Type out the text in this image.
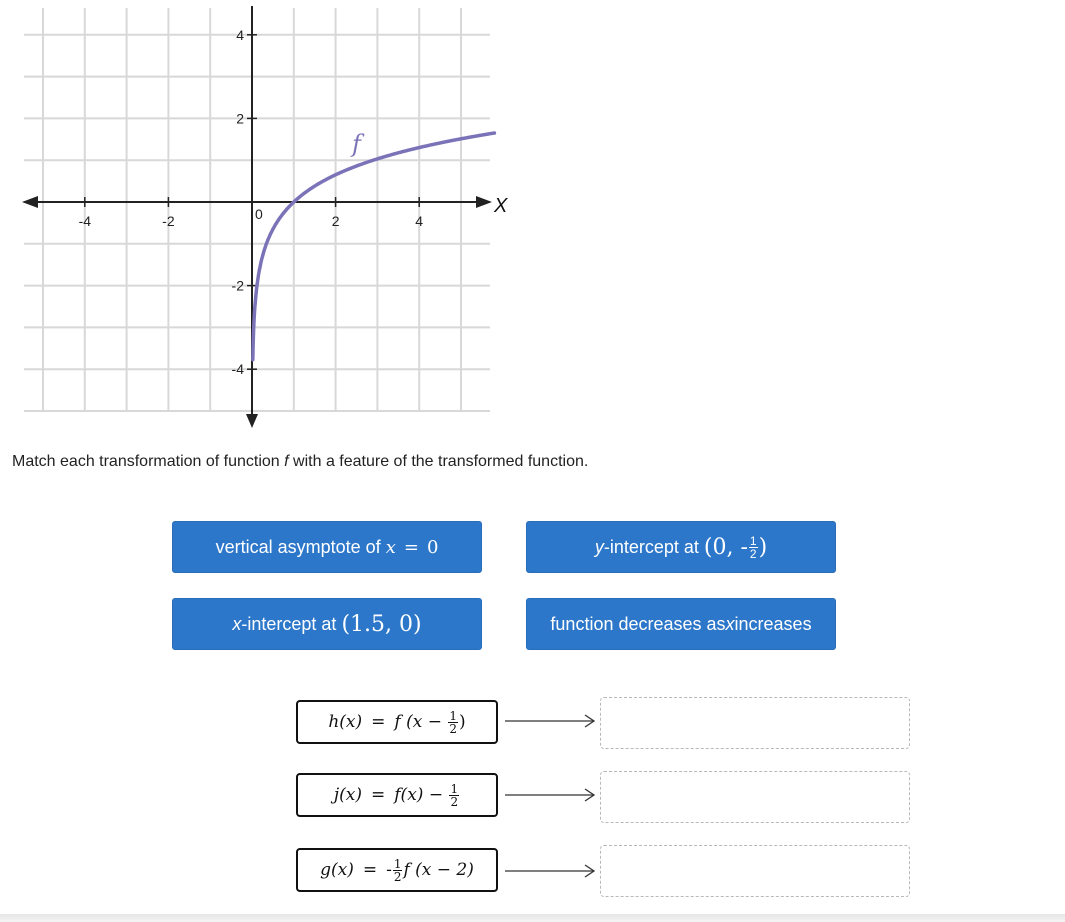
-4	-2	2	4
4
2
-2
-4
f
X
0
Match each transformation of function f with a feature of the transformed function.
vertical asymptote of
x = 0	y -intercept at
(0, - $\frac{1}{2}$ )
x -intercept at
(1.5, 0)	function decreases as x increases
h(x) = f (x −
$\frac{1}{2}$ )
j(x) = f(x) −
$\frac{1}{2}$
g(x) = - $\frac{1}{2}$ f (x − 2)
